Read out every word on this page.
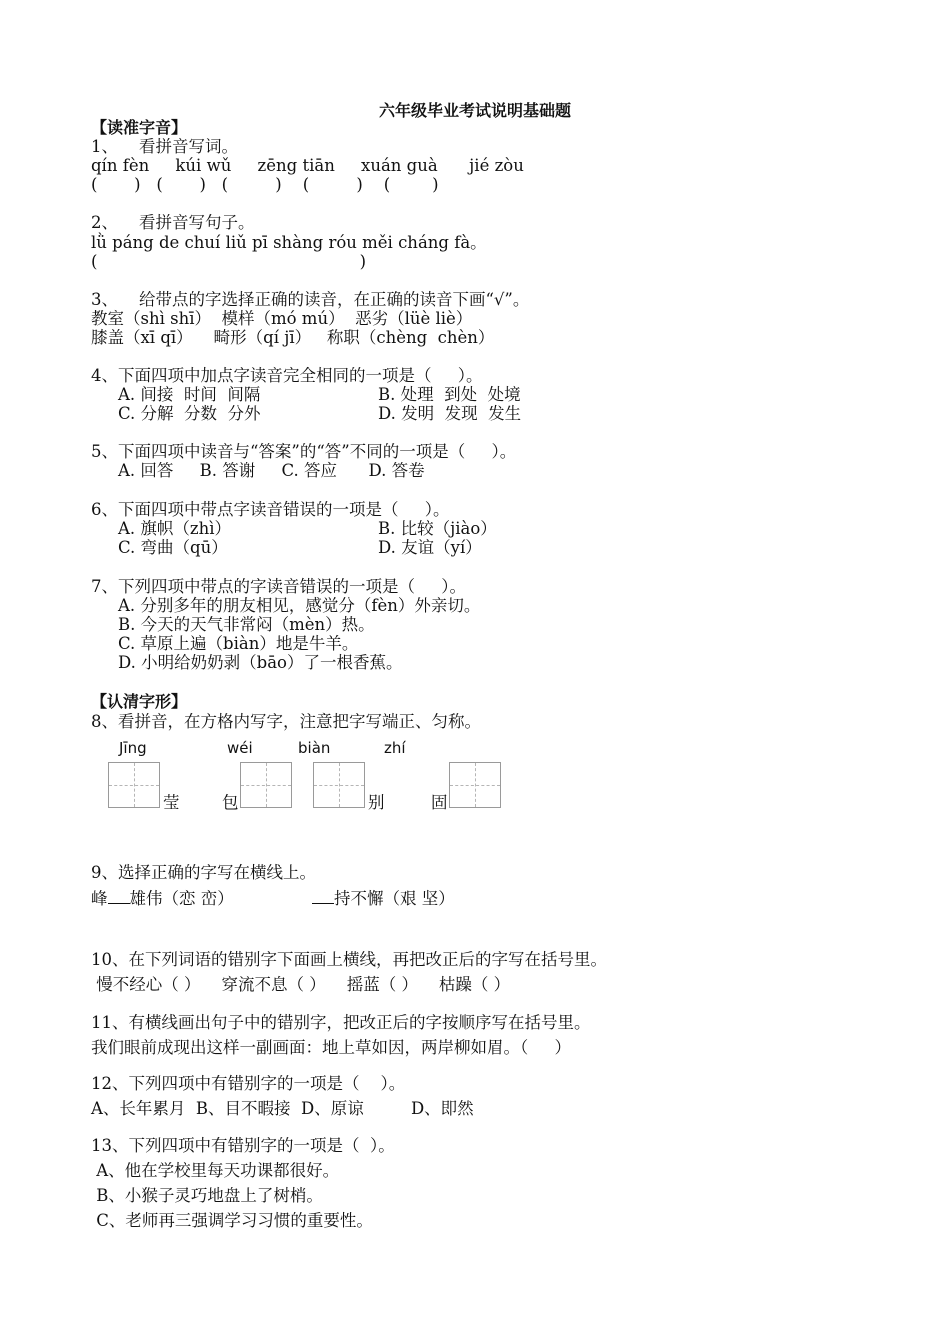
六年级毕业考试说明基础题
【读准字音】
1、    看拼音写词。
qín fèn     kúi wǔ     zēng tiān     xuán guà      jié zòu
(       )   (       )   (         )    (         )    (        )
2、    看拼音写句子。
lǜ páng de chuí liǔ pī shàng róu měi cháng fà。
(                                                  )
3、    给带点的字选择正确的读音，在正确的读音下画“√”。
教室（shì shī）  模样（mó mú）  恶劣（lüè liè）
膝盖（xī qī）    畸形（qí jī）   称职（chèng  chèn）
4、下面四项中加点字读音完全相同的一项是（     ）。
A. 间接  时间  间隔	B. 处理  到处  处境
C. 分解  分数  分外	D. 发明  发现  发生
5、下面四项中读音与“答案”的“答”不同的一项是（     ）。
A. 回答     B. 答谢     C. 答应      D. 答卷
6、下面四项中带点字读音错误的一项是（     ）。
A. 旗帜（zhì）	B. 比较（jiào）
C. 弯曲（qū）	D. 友谊（yí）
7、下列四项中带点的字读音错误的一项是（     ）。
A. 分别多年的朋友相见，感觉分（fèn）外亲切。
B. 今天的天气非常闷（mèn）热。
C. 草原上遍（biàn）地是牛羊。
D. 小明给奶奶剥（bāo）了一根香蕉。
【认清字形】
8、看拼音，在方格内写字，注意把字写端正、匀称。
Jīng	wéi	biàn	zhí
莹	包	别	固
9、选择正确的字写在横线上。
峰 雄伟（恋 峦）	持不懈（艰 坚）
10、在下列词语的错别字下面画上横线，再把改正后的字写在括号里。
慢不经心（ ）    穿流不息（ ）    摇蓝（ ）    枯躁（ ）
11、有横线画出句子中的错别字，把改正后的字按顺序写在括号里。
我们眼前成现出这样一副画面：地上草如因，两岸柳如眉。（     ）
12、下列四项中有错别字的一项是（    ）。
A、长年累月  B、目不暇接  D、原谅         D、即然
13、下列四项中有错别字的一项是（  ）。
A、他在学校里每天功课都很好。
B、小猴子灵巧地盘上了树梢。
C、老师再三强调学习习惯的重要性。
